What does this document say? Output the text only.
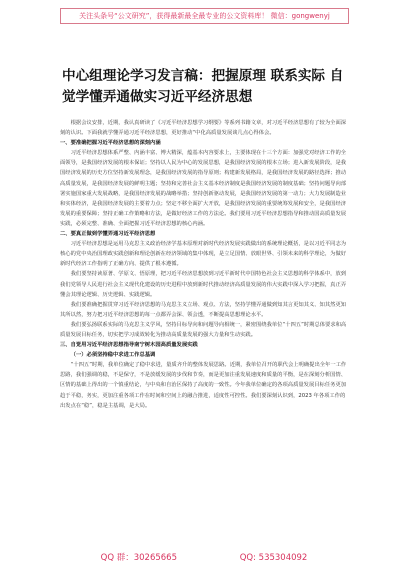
关注头条号“公文研究”，获得最新最全最专业的公文资料库！ 微信：gongwenyj
中心组理论学习发言稿：把握原理 联系实际 自觉学懂弄通做实习近平经济思想

根据会议安排，近期，我认真研读了《习近平经济思想学习纲要》等系列书籍文章，对习近平经济思想有了较为全面深刻的认识。下面我就学懂弄通习近平经济思想，更好推动“中化高质量发展谈几点心得体会。

一、要准确把握习近平经济思想的深刻内涵

习近平经济思想体系严整、内涵丰富、博大精深，蕴基本内容要求上，主要体现在十三个方面：加强党对经济工作的全面领导，是我国经济发展的根本保证；坚持以人民为中心的发展思想，是我国经济发展的根本立场；进入新发展阶段，是我国经济发展的历史方位坚持新发展理念，是我国经济发展的指导原则；构建新发展格局，是我国经济发展的路径选择；推动高质量发展，是我国经济发展的鲜明主题；坚持和完善社会主义基本经济制度是我国经济发展的制度基础；坚持问题导向部署实施国家重大发展战略，是我国经济发展的战略举措；坚持创新驱动发展，是我国经济发展的第一动力；大力发展制造业和实体经济，是我国经济发展的主要着力点；坚定不移全面扩大开放，是我国经济发展的重要统筹发展和安全，是我国经济发展的重要保障；坚持正确工作策略和方法，是做好经济工作的方法论。我们要用习近平经济思想指导和推动国高质量发展实践，必须完整、准确、全面把握习近平经济思想的核心内涵。

二、要真正做到学懂弄通习近平经济思想

习近平经济思想是运用马克思主义政治经济学基本原理对新时代经济发展实践做出的系统理论概括，是以习近平同志为核心的党中央治国理政实践创新和理论创新在经济领域的集中体现，是立足国情、放眼世界、引领未来的科学理论，为做好新时代经济工作指明了正确方向、提供了根本遵循。

我们要坚持读原著、学原文、悟原理，把习近平经济思想放到习近平新时代中国特色社会主义思想的科学体系中，放到我们党领导人民进行社会主义现代化建设的历史进程中放到新时代推动经济高质量发展的伟大实践中深入学习把握，真正弄懂会其理论逻辑、历史逻辑、实践逻辑。

我们要准确把握贯穿习近平经济思想的马克思主义立场、观点、方法，坚持学懂弄通做到知其言更知其义、知其然更知其所以然，努力把习近平经济思想的每一点都弄会深、领会透，不断提高思想理论水平。

我们要弘扬联系实际的马克思主义学风，坚持目标导向和问题导向相统一，紧密围绕我单位“十四五”时期总体要求和高质量发展目标任务，切实把学习成效转化为推动高质量发展的强大力量和生动实践。

三、自觉用习近平经济思想指导南宁树木园高质量发展实践

（一）必须坚持稳中求进工作总基调

“十四五”时期，我单位确定了稳中求进，量质齐升的整体发展思路。近期，我单位召开的职代会上明确提出全年一工作思路，我们强调的稳，不是保守，不是放缓发展的步伐和节奏，而是更加注重发展速度和质量的平衡，是在深刻分析国情、区情的基础上得出的一个慎重结论，与中央和自治区保持了高度的一致性。今年我单位确定的各项高质量发展目标任务更加趋于平稳，务实，更加注重各项工作在时间和空间上的融合推进，适度性可控性。我们要深刻认识到，2023 年各项工作的出发点在“稳”，稳是主基调，是大局。

QQ 群：30265665	QQ: 535304092
